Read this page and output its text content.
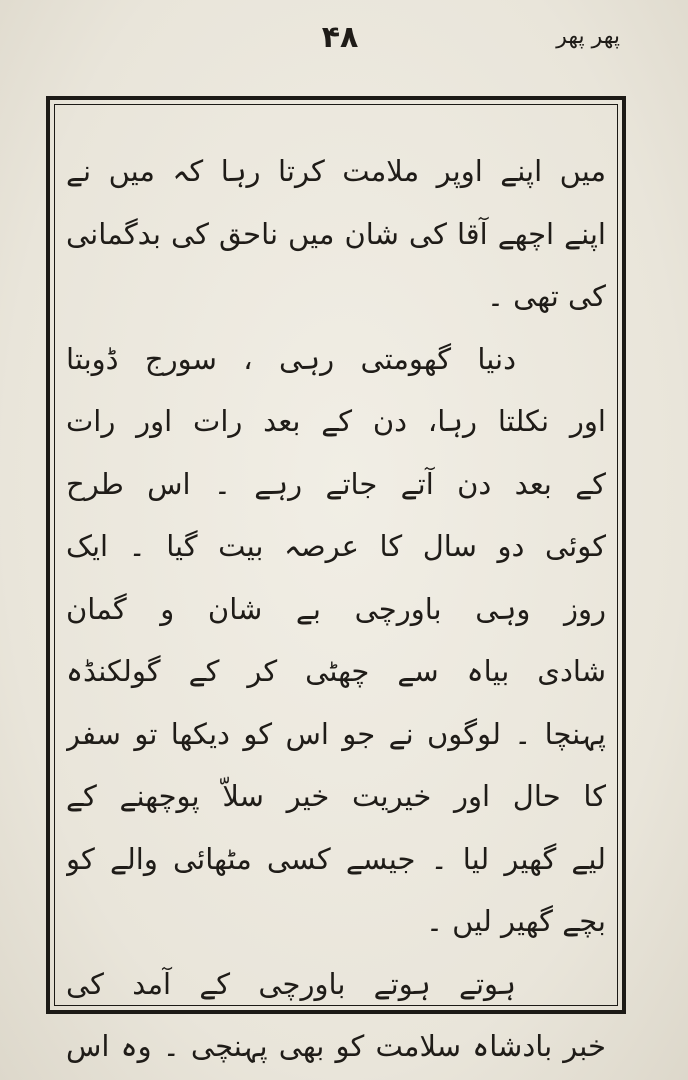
پھر پھر
۴۸
میں اپنے اوپر ملامت کرتا رہا کہ میں نے
اپنے اچھے آقا کی شان میں ناحق کی بدگمانی
کی تھی ۔
دنیا گھومتی رہی ، سورج ڈوبتا
اور نکلتا رہا، دن کے بعد رات اور رات
کے بعد دن آتے جاتے رہے ۔ اس طرح
کوئی دو سال کا عرصہ بیت گیا ۔ ایک
روز وہی باورچی بے شان و گمان
شادی بیاہ سے چھٹی کر کے گولکنڈہ
پہنچا ۔ لوگوں نے جو اس کو دیکھا تو سفر
کا حال اور خیریت خیر سلاّ پوچھنے کے
لیے گھیر لیا ۔ جیسے کسی مٹھائی والے کو
بچے گھیر لیں ۔
ہوتے ہوتے باورچی کے آمد کی
خبر بادشاہ سلامت کو بھی پہنچی ۔ وہ اس
